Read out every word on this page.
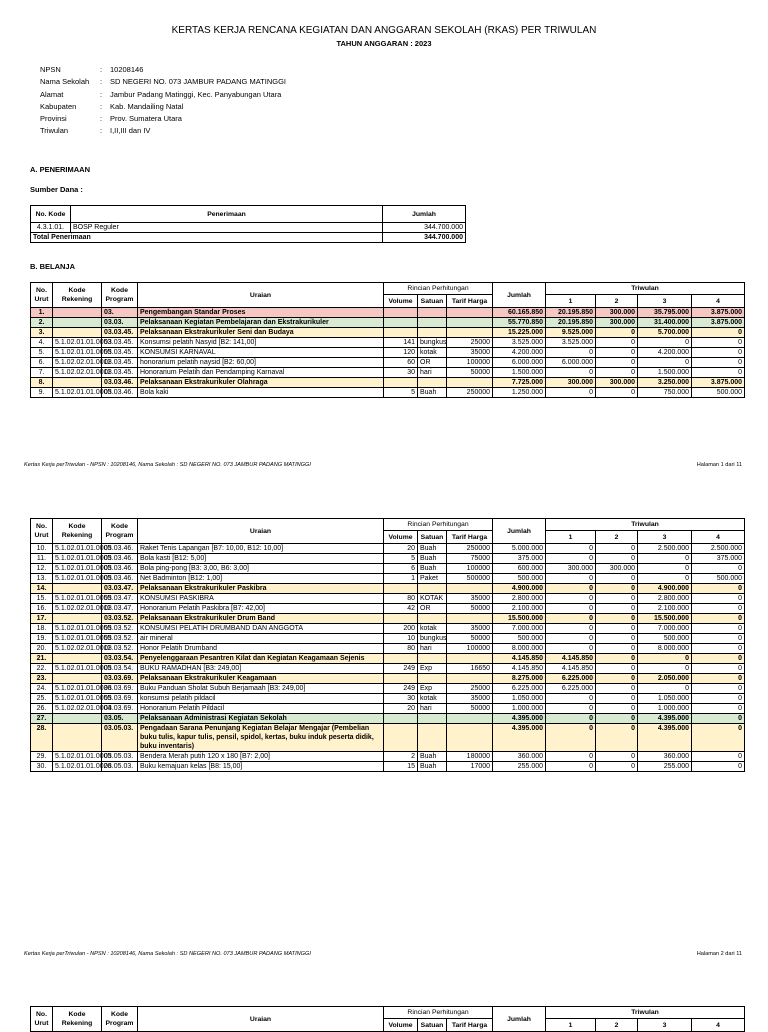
KERTAS KERJA RENCANA KEGIATAN DAN ANGGARAN SEKOLAH (RKAS) PER TRIWULAN
TAHUN ANGGARAN : 2023
NPSN	:	10208146
Nama Sekolah	:	SD NEGERI NO. 073 JAMBUR PADANG MATINGGI
Alamat	:	Jambur Padang Matinggi, Kec. Panyabungan Utara
Kabupaten	:	Kab. Mandailing Natal
Provinsi	:	Prov. Sumatera Utara
Triwulan	:	I,II,III dan IV
A. PENERIMAAN
Sumber Dana :
No. Kode	Penerimaan	Jumlah
4.3.1.01.	BOSP Reguler	344.700.000
Total Penerimaan		344.700.000
B. BELANJA
No. Urut	Kode Rekening	Kode Program	Uraian	Rincian Perhitungan			Jumlah	Triwulan			
				Volume	Satuan	Tarif Harga		1	2	3	4
1.		03.	Pengembangan Standar Proses				60.165.850	20.195.850	300.000	35.795.000	3.875.000
2.		03.03.	Pelaksanaan Kegiatan Pembelajaran dan Ekstrakurikuler				55.770.850	20.195.850	300.000	31.400.000	3.875.000
3.		03.03.45.	Pelaksanaan Ekstrakurikuler Seni dan Budaya				15.225.000	9.525.000	0	5.700.000	0
4.	5.1.02.01.01.0053	03.03.45.	Konsumsi pelatih Nasyid [B2: 141,00]	141	bungkus	25000	3.525.000	3.525.000	0	0	0
5.	5.1.02.01.01.0055	03.03.45.	KONSUMSI KARNAVAL	120	kotak	35000	4.200.000	0	0	4.200.000	0
6.	5.1.02.02.01.0011	03.03.45.	honorarium pelatih naysid [B2: 60,00]	60	OR	100000	6.000.000	6.000.000	0	0	0
7.	5.1.02.02.01.0011	03.03.45.	Honorarium Pelatih dan Pendamping Karnaval	30	hari	50000	1.500.000	0	0	1.500.000	0
8.		03.03.46.	Pelaksanaan Ekstrakurikuler Olahraga				7.725.000	300.000	300.000	3.250.000	3.875.000
9.	5.1.02.01.01.0005	03.03.46.	Bola kaki	5	Buah	250000	1.250.000	0	0	750.000	500.000
Kertas Kerja perTriwulan - NPSN : 10208146, Nama Sekolah : SD NEGERI NO. 073 JAMBUR PADANG MATINGGI	Halaman 1 dari 11
No. Urut	Kode Rekening	Kode Program	Uraian	Rincian Perhitungan			Jumlah	Triwulan			
				Volume	Satuan	Tarif Harga		1	2	3	4
10.	5.1.02.01.01.0005	03.03.46.	Raket Tenis Lapangan [B7: 10,00, B12: 10,00]	20	Buah	250000	5.000.000	0	0	2.500.000	2.500.000
11.	5.1.02.01.01.0005	03.03.46.	Bola kasti [B12: 5,00]	5	Buah	75000	375.000	0	0	0	375.000
12.	5.1.02.01.01.0005	03.03.46.	Bola ping-pong [B3: 3,00, B6: 3,00]	6	Buah	100000	600.000	300.000	300.000	0	0
13.	5.1.02.01.01.0005	03.03.46.	Net Badminton [B12: 1,00]	1	Paket	500000	500.000	0	0	0	500.000
14.		03.03.47.	Pelaksanaan Ekstrakurikuler Paskibra				4.900.000	0	0	4.900.000	0
15.	5.1.02.01.01.0055	03.03.47.	KONSUMSI PASKIBRA	80	KOTAK	35000	2.800.000	0	0	2.800.000	0
16.	5.1.02.02.01.0011	03.03.47.	Honorarium Pelatih Paskibra [B7: 42,00]	42	OR	50000	2.100.000	0	0	2.100.000	0
17.		03.03.52.	Pelaksanaan Ekstrakurikuler Drum Band				15.500.000	0	0	15.500.000	0
18.	5.1.02.01.01.0055	03.03.52.	KONSUMSI PELATIH DRUMBAND DAN ANGGOTA	200	kotak	35000	7.000.000	0	0	7.000.000	0
19.	5.1.02.01.01.0055	03.03.52.	air mineral	10	bungkus	50000	500.000	0	0	500.000	0
20.	5.1.02.02.01.0011	03.03.52.	Honor Pelatih Drumband	80	hari	100000	8.000.000	0	0	8.000.000	0
21.		03.03.54.	Penyelenggaraan Pesantren Kilat dan Kegiatan Keagamaan Sejenis				4.145.850	4.145.850	0	0	0
22.	5.1.02.01.01.0005	03.03.54.	BUKU RAMADHAN [B3: 249,00]	249	Exp	16650	4.145.850	4.145.850	0	0	0
23.		03.03.69.	Pelaksanaan Ekstrakurikuler Keagamaan				8.275.000	6.225.000	0	2.050.000	0
24.	5.1.02.01.01.0036	03.03.69.	Buku Panduan Sholat Subuh Berjamaah [B3: 249,00]	249	Exp	25000	6.225.000	6.225.000	0	0	0
25.	5.1.02.01.01.0055	03.03.69.	konsumsi pelatih pildacil	30	kotak	35000	1.050.000	0	0	1.050.000	0
26.	5.1.02.02.01.0004	03.03.69.	Honorarium Pelatih Pildacil	20	hari	50000	1.000.000	0	0	1.000.000	0
27.		03.05.	Pelaksanaan Administrasi Kegiatan Sekolah				4.395.000	0	0	4.395.000	0
28.		03.05.03.	Pengadaan Sarana Penunjang Kegiatan Belajar Mengajar (Pembelian buku tulis, kapur tulis, pensil, spidol, kertas, buku induk peserta didik, buku inventaris)				4.395.000	0	0	4.395.000	0
29.	5.1.02.01.01.0005	03.05.03.	Bendera Merah putih 120 x 180 [B7: 2,00]	2	Buah	180000	360.000	0	0	360.000	0
30.	5.1.02.01.01.0026	03.05.03.	Buku kemajuan kelas [B8: 15,00]	15	Buah	17000	255.000	0	0	255.000	0
Kertas Kerja perTriwulan - NPSN : 10208146, Nama Sekolah : SD NEGERI NO. 073 JAMBUR PADANG MATINGGI	Halaman 2 dari 11
No. Urut	Kode Rekening	Kode Program	Uraian	Rincian Perhitungan			Jumlah	Triwulan			
				Volume	Satuan	Tarif Harga		1	2	3	4
